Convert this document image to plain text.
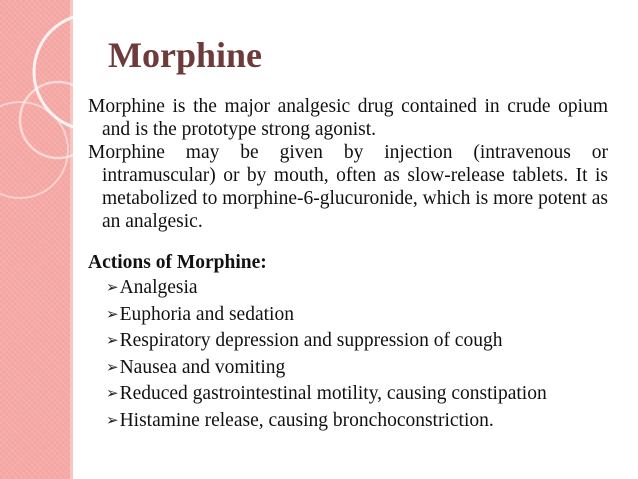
Morphine

Morphine is the major analgesic drug contained in crude opium and is the prototype strong agonist.

Morphine may be given by injection (intravenous or intramuscular) or by mouth, often as slow-release tablets. It is metabolized to morphine-6-glucuronide, which is more potent as an analgesic.

Actions of Morphine:

➢Analgesia
➢Euphoria and sedation
➢Respiratory depression and suppression of cough
➢Nausea and vomiting
➢Reduced gastrointestinal motility, causing constipation
➢Histamine release, causing bronchoconstriction.
